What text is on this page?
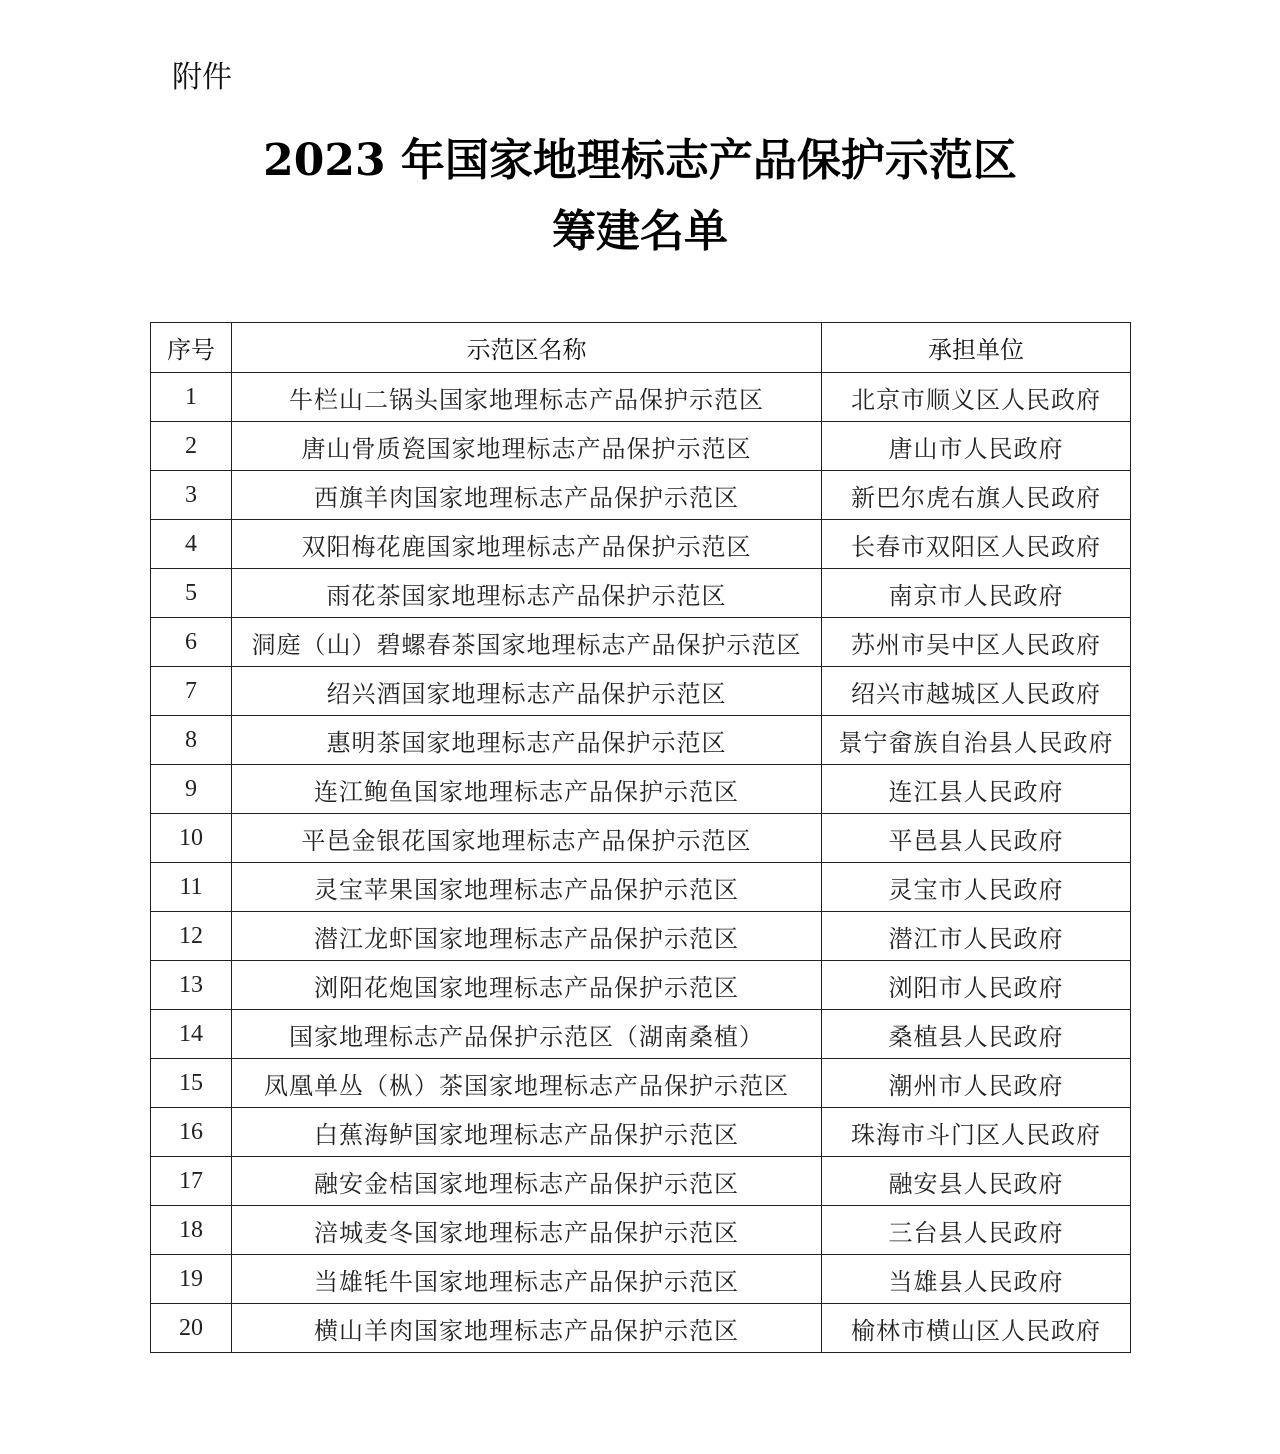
附件
2023 年国家地理标志产品保护示范区
筹建名单
序号	示范区名称	承担单位
1	牛栏山二锅头国家地理标志产品保护示范区	北京市顺义区人民政府
2	唐山骨质瓷国家地理标志产品保护示范区	唐山市人民政府
3	西旗羊肉国家地理标志产品保护示范区	新巴尔虎右旗人民政府
4	双阳梅花鹿国家地理标志产品保护示范区	长春市双阳区人民政府
5	雨花茶国家地理标志产品保护示范区	南京市人民政府
6	洞庭（山）碧螺春茶国家地理标志产品保护示范区	苏州市吴中区人民政府
7	绍兴酒国家地理标志产品保护示范区	绍兴市越城区人民政府
8	惠明茶国家地理标志产品保护示范区	景宁畲族自治县人民政府
9	连江鲍鱼国家地理标志产品保护示范区	连江县人民政府
10	平邑金银花国家地理标志产品保护示范区	平邑县人民政府
11	灵宝苹果国家地理标志产品保护示范区	灵宝市人民政府
12	潜江龙虾国家地理标志产品保护示范区	潜江市人民政府
13	浏阳花炮国家地理标志产品保护示范区	浏阳市人民政府
14	国家地理标志产品保护示范区（湖南桑植）	桑植县人民政府
15	凤凰单丛（枞）茶国家地理标志产品保护示范区	潮州市人民政府
16	白蕉海鲈国家地理标志产品保护示范区	珠海市斗门区人民政府
17	融安金桔国家地理标志产品保护示范区	融安县人民政府
18	涪城麦冬国家地理标志产品保护示范区	三台县人民政府
19	当雄牦牛国家地理标志产品保护示范区	当雄县人民政府
20	横山羊肉国家地理标志产品保护示范区	榆林市横山区人民政府
